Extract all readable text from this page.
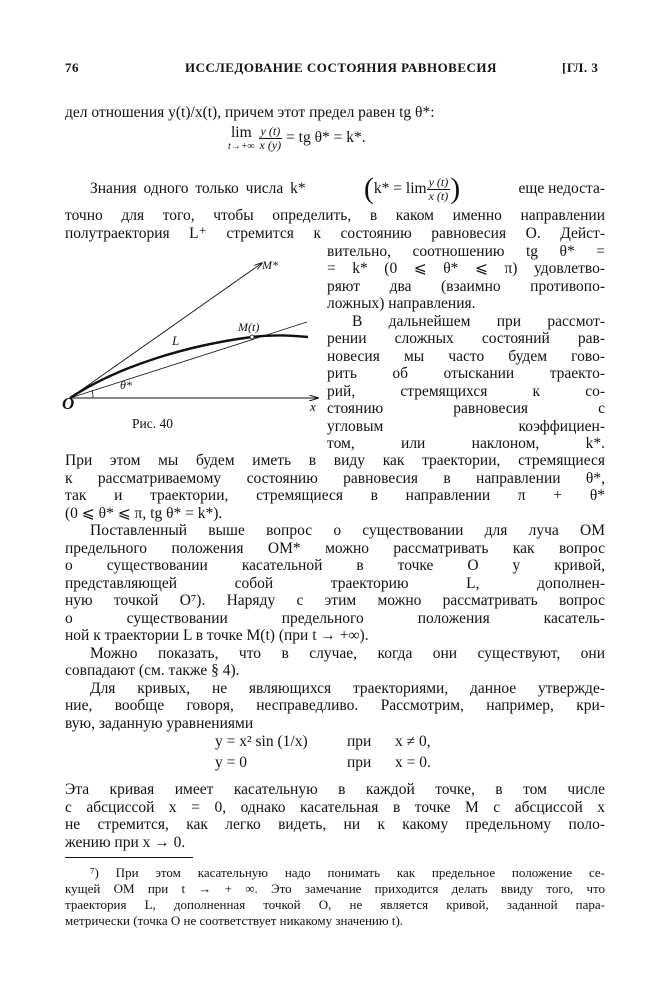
76	ИССЛЕДОВАНИЕ СОСТОЯНИЯ РАВНОВЕСИЯ	[ГЛ. 3
дел отношения y(t)/x(t), причем этот предел равен tg θ*:
точно для того, чтобы определить, в каком именно направлении
полутраектория L⁺ стремится к состоянию равновесия O. Дейст-
вительно, соотношению tg θ* =
= k* (0 ⩽ θ* ⩽ π) удовлетво-
ряют два (взаимно противопо-
ложных) направления.
В дальнейшем при рассмот-
рении сложных состояний рав-
новесия мы часто будем гово-
рить об отыскании траекто-
рий, стремящихся к со-
стоянию равновесия с
угловым коэффициен-
том, или наклоном, k*.
При этом мы будем иметь в виду как траектории, стремящиеся
к рассматриваемому состоянию равновесия в направлении θ*,
так и траектории, стремящиеся в направлении π + θ*
(0 ⩽ θ* ⩽ π, tg θ* = k*).
Поставленный выше вопрос о существовании для луча OM
предельного положения OM* можно рассматривать как вопрос
о существовании касательной в точке O у кривой,
представляющей собой траекторию L, дополнен-
ную точкой O⁷). Наряду с этим можно рассматривать вопрос
о существовании предельного положения касатель-
ной к траектории L в точке M(t) (при t → +∞).
Можно показать, что в случае, когда они существуют, они
совпадают (см. также § 4).
Для кривых, не являющихся траекториями, данное утвержде-
ние, вообще говоря, несправедливо. Рассмотрим, например, кри-
вую, заданную уравнениями
y = x² sin (1/x)	при x ≠ 0,
y = 0	при x = 0.
Эта кривая имеет касательную в каждой точке, в том числе
с абсциссой x = 0, однако касательная в точке M с абсциссой x
не стремится, как легко видеть, ни к какому предельному поло-
жению при x → 0.
⁷) При этом касательную надо понимать как предельное положение се-
кущей OM при t → + ∞. Это замечание приходится делать ввиду того, что
траектория L, дополненная точкой O, не является кривой, заданной пара-
метрически (точка O не соответствует никакому значению t).
lim
t→+∞
$\frac{y (t)}{x (y)}$ = tg θ* = k*.
Знания одного только числа k* ( $k* = \lim \frac{y (t)}{x (t)}$ )	еще недоста-
M*
M(t)
L
θ*
O	x
Рис. 40
